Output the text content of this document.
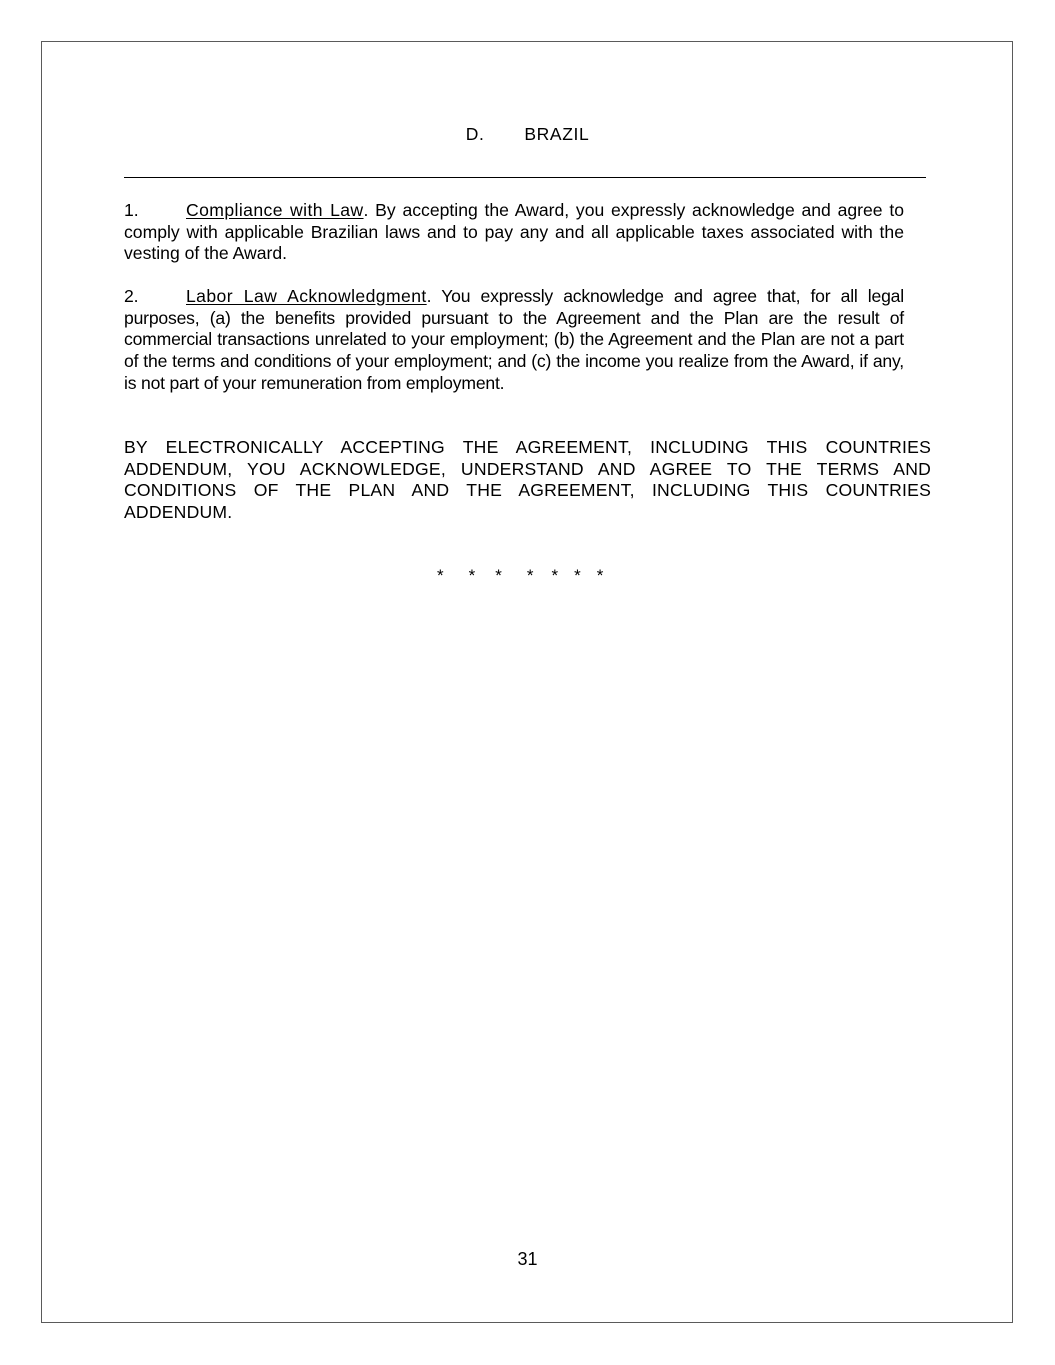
D. BRAZIL
1.	Compliance with Law. By accepting the Award, you expressly acknowledge and agree to comply with applicable Brazilian laws and to pay any and all applicable taxes associated with the vesting of the Award.
2.	Labor Law Acknowledgment. You expressly acknowledge and agree that, for all legal purposes, (a) the benefits provided pursuant to the Agreement and the Plan are the result of commercial transactions unrelated to your employment; (b) the Agreement and the Plan are not a part of the terms and conditions of your employment; and (c) the income you realize from the Award, if any, is not part of your remuneration from employment.
BY ELECTRONICALLY ACCEPTING THE AGREEMENT, INCLUDING THIS COUNTRIES ADDENDUM, YOU ACKNOWLEDGE, UNDERSTAND AND AGREE TO THE TERMS AND CONDITIONS OF THE PLAN AND THE AGREEMENT, INCLUDING THIS COUNTRIES ADDENDUM.
* * * * * * *
31
